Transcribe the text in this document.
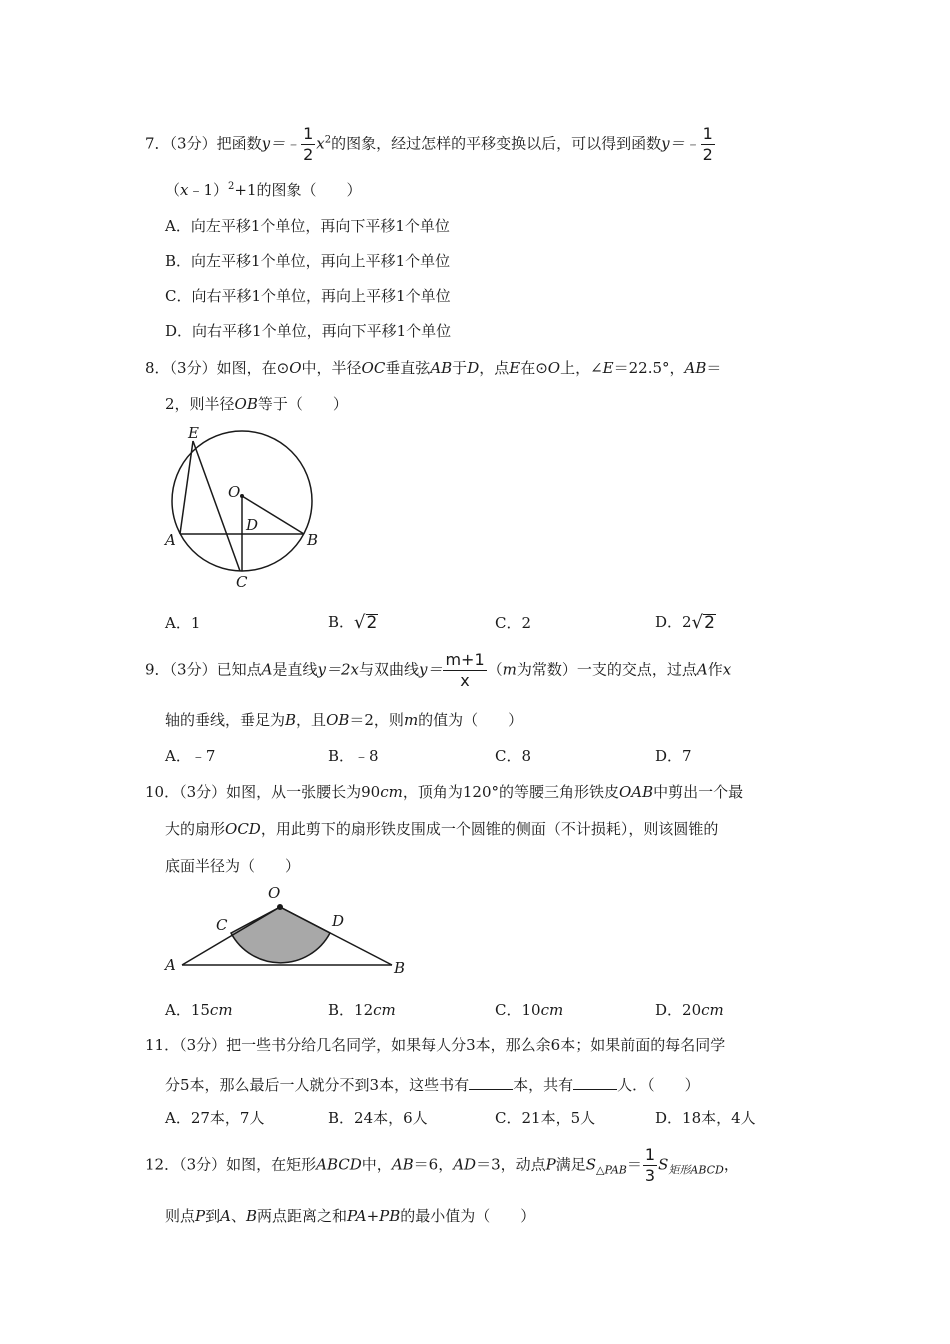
7．（3分）把函数y＝﹣ $\frac{1}{2} x^2$的图象，经过怎样的平移变换以后，可以得到函数y＝﹣ $\frac{1}{2}$
（x﹣1）$^2$+1的图象（　　）
A．向左平移1个单位，再向下平移1个单位
B．向左平移1个单位，再向上平移1个单位
C．向右平移1个单位，再向上平移1个单位
D．向右平移1个单位，再向下平移1个单位
8．（3分）如图，在⊙O中，半径OC垂直弦AB于D，点E在⊙O上，∠E＝22.5°，AB＝
2，则半径OB等于（　　）
E
O
D
A	B
C
A．1	B． √ 2	C．2	D．2 √ 2
9．（3分）已知点A是直线y＝2x与双曲线$y= \frac{m+1}{x} (m$为常数）一支的交点，过点A作x
轴的垂线，垂足为B，且OB＝2，则m的值为（　　）
A．﹣7	B．﹣8	C．8	D．7
10．（3分）如图，从一张腰长为90cm，顶角为120°的等腰三角形铁皮OAB中剪出一个最
大的扇形OCD，用此剪下的扇形铁皮围成一个圆锥的侧面（不计损耗），则该圆锥的
底面半径为（　　）
O
C	D
A	B
A．15cm	B．12cm	C．10cm	D．20cm
11．（3分）把一些书分给几名同学，如果每人分3本，那么余6本；如果前面的每名同学
分5本，那么最后一人就分不到3本，这些书有	本，共有	人．（　　）
A．27本，7人	B．24本，6人	C．21本，5人	D．18本，4人
12．（3分）如图，在矩形ABCD中，AB＝6，AD＝3，动点P满足$S_{\triangle PAB}= \frac{1}{3} S_{矩形ABCD}$，
则点P到A、B两点距离之和PA+PB的最小值为（　　）
